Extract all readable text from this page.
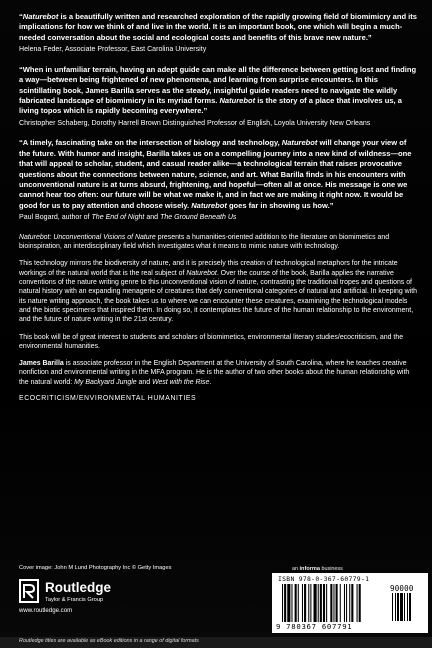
“Naturebot is a beautifully written and researched exploration of the rapidly growing field of biomimicry and its implications for how we think of and live in the world. It is an important book, one which will begin a much-needed conversation about the social and ecological costs and benefits of this brave new nature.”

Helena Feder, Associate Professor, East Carolina University

“When in unfamiliar terrain, having an adept guide can make all the difference between getting lost and finding a way—between being frightened of new phenomena, and learning from surprise encounters. In this scintillating book, James Barilla serves as the steady, insightful guide readers need to navigate the wildly fabricated landscape of biomimicry in its myriad forms. Naturebot is the story of a place that involves us, a living topos which is rapidly becoming everywhere.”

Christopher Schaberg, Dorothy Harrell Brown Distinguished Professor of English, Loyola University New Orleans

“A timely, fascinating take on the intersection of biology and technology, Naturebot will change your view of the future. With humor and insight, Barilla takes us on a compelling journey into a new kind of wildness—one that will appeal to scholar, student, and casual reader alike—a technological terrain that raises provocative questions about the connections between nature, science, and art. What Barilla finds in his encounters with unconventional nature is at turns absurd, frightening, and hopeful—often all at once. His message is one we cannot hear too often: our future will be what we make it, and in fact we are making it right now. It would be good for us to pay attention and choose wisely. Naturebot goes far in showing us how.”

Paul Bogard, author of The End of Night and The Ground Beneath Us

Naturebot: Unconventional Visions of Nature presents a humanities-oriented addition to the literature on biomimetics and bioinspiration, an interdisciplinary field which investigates what it means to mimic nature with technology.

This technology mirrors the biodiversity of nature, and it is precisely this creation of technological metaphors for the intricate workings of the natural world that is the real subject of Naturebot. Over the course of the book, Barilla applies the narrative conventions of the nature writing genre to this unconventional vision of nature, contrasting the traditional tropes and questions of natural history with an expanding menagerie of creatures that defy conventional categories of natural and artificial. In keeping with its nature writing approach, the book takes us to where we can encounter these creatures, examining the technological models and the biotic specimens that inspired them. In doing so, it contemplates the future of the human relationship to the environment, and the future of nature writing in the 21st century.

This book will be of great interest to students and scholars of biomimetics, environmental literary studies/ecocriticism, and the environmental humanities.

James Barilla is associate professor in the English Department at the University of South Carolina, where he teaches creative nonfiction and environmental writing in the MFA program. He is the author of two other books about the human relationship with the natural world: My Backyard Jungle and West with the Rise.

ECOCRITICISM/ENVIRONMENTAL HUMANITIES

Cover image: John M Lund Photography Inc © Getty Images	an informa business
Routledge
Taylor & Francis Group
www.routledge.com
ISBN 978-0-367-60779-1
9 780367 607791
90000
Routledge titles are available as eBook editions in a range of digital formats
